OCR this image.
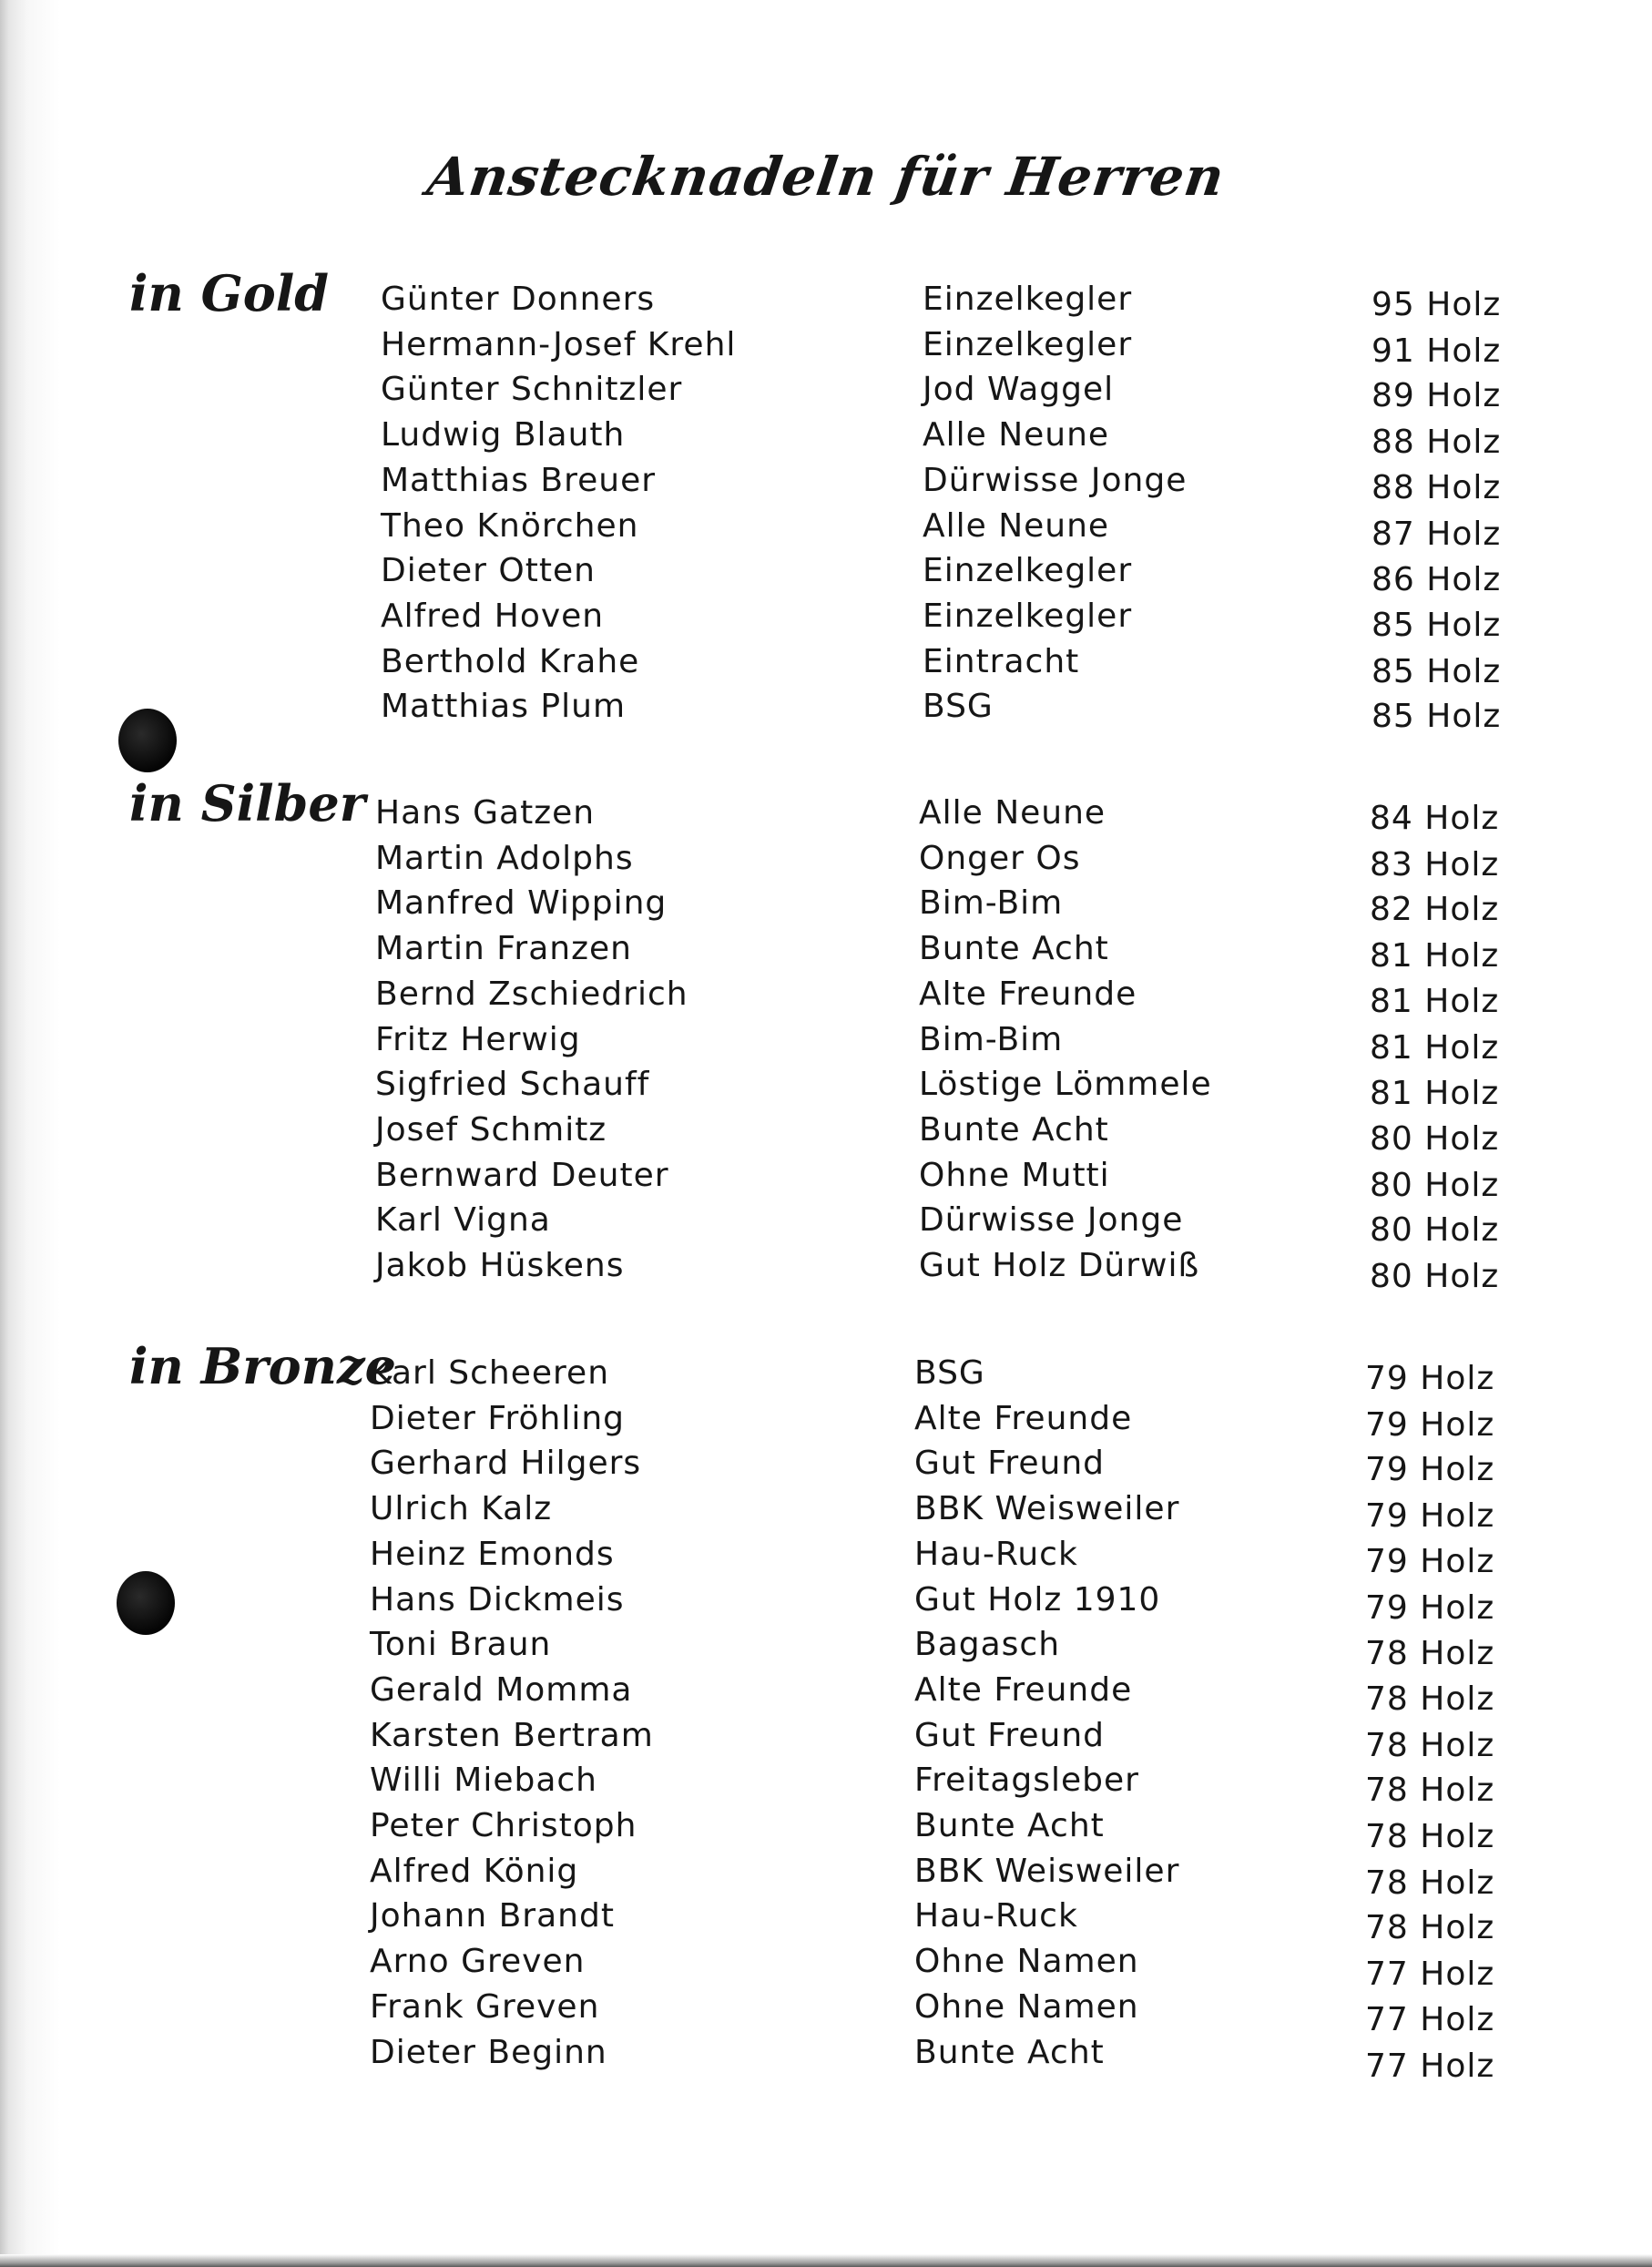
Anstecknadeln für Herren
in Gold Günter Donners	Einzelkegler	95 Holz
Hermann-Josef Krehl	Einzelkegler	91 Holz
Günter Schnitzler	Jod Waggel	89 Holz
Ludwig Blauth	Alle Neune	88 Holz
Matthias Breuer	Dürwisse Jonge	88 Holz
Theo Knörchen	Alle Neune	87 Holz
Dieter Otten	Einzelkegler	86 Holz
Alfred Hoven	Einzelkegler	85 Holz
Berthold Krahe	Eintracht	85 Holz
Matthias Plum	BSG	85 Holz
in Silber Hans Gatzen	Alle Neune	84 Holz
Martin Adolphs	Onger Os	83 Holz
Manfred Wipping	Bim-Bim	82 Holz
Martin Franzen	Bunte Acht	81 Holz
Bernd Zschiedrich	Alte Freunde	81 Holz
Fritz Herwig	Bim-Bim	81 Holz
Sigfried Schauff	Löstige Lömmele	81 Holz
Josef Schmitz	Bunte Acht	80 Holz
Bernward Deuter	Ohne Mutti	80 Holz
Karl Vigna	Dürwisse Jonge	80 Holz
Jakob Hüskens	Gut Holz Dürwiß	80 Holz
in Bronze
Karl Scheeren	BSG	79 Holz
Dieter Fröhling	Alte Freunde	79 Holz
Gerhard Hilgers	Gut Freund	79 Holz
Ulrich Kalz	BBK Weisweiler	79 Holz
Heinz Emonds	Hau-Ruck	79 Holz
Hans Dickmeis	Gut Holz 1910	79 Holz
Toni Braun	Bagasch	78 Holz
Gerald Momma	Alte Freunde	78 Holz
Karsten Bertram	Gut Freund	78 Holz
Willi Miebach	Freitagsleber	78 Holz
Peter Christoph	Bunte Acht	78 Holz
Alfred König	BBK Weisweiler	78 Holz
Johann Brandt	Hau-Ruck	78 Holz
Arno Greven	Ohne Namen	77 Holz
Frank Greven	Ohne Namen	77 Holz
Dieter Beginn	Bunte Acht	77 Holz
